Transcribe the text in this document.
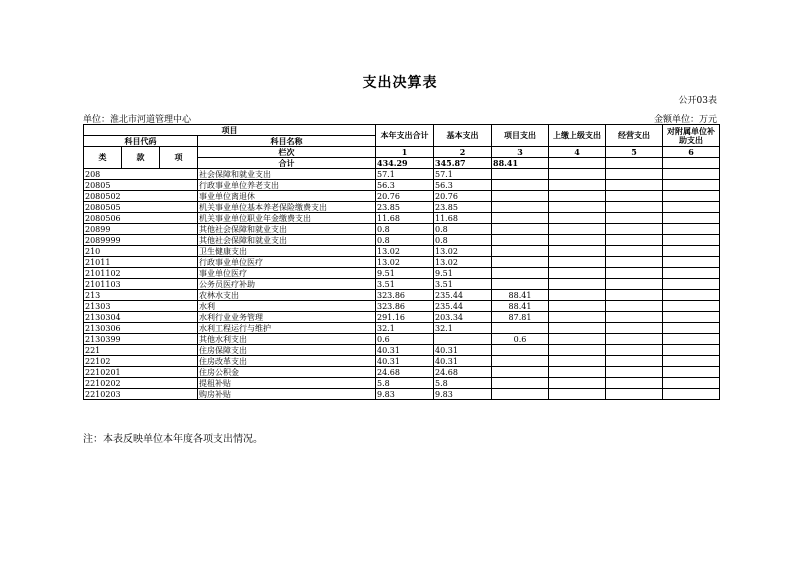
支出决算表
公开03表
单位：淮北市河道管理中心	金额单位：万元
项目				本年支出合计	基本支出	项目支出	上缴上级支出	经营支出	对附属单位补助支出
科目代码			科目名称						
类	款	项	栏次	1	2	3	4	5	6
			合计	434.29	345.87	88.41			
208			社会保障和就业支出	57.1	57.1				
20805			行政事业单位养老支出	56.3	56.3				
2080502			事业单位离退休	20.76	20.76				
2080505			机关事业单位基本养老保险缴费支出	23.85	23.85				
2080506			机关事业单位职业年金缴费支出	11.68	11.68				
20899			其他社会保障和就业支出	0.8	0.8				
2089999			其他社会保障和就业支出	0.8	0.8				
210			卫生健康支出	13.02	13.02				
21011			行政事业单位医疗	13.02	13.02				
2101102			事业单位医疗	9.51	9.51				
2101103			公务员医疗补助	3.51	3.51				
213			农林水支出	323.86	235.44	88.41			
21303			水利	323.86	235.44	88.41			
2130304			水利行业业务管理	291.16	203.34	87.81			
2130306			水利工程运行与维护	32.1	32.1				
2130399			其他水利支出	0.6		0.6			
221			住房保障支出	40.31	40.31				
22102			住房改革支出	40.31	40.31				
2210201			住房公积金	24.68	24.68				
2210202			提租补贴	5.8	5.8				
2210203			购房补贴	9.83	9.83				
注：本表反映单位本年度各项支出情况。
